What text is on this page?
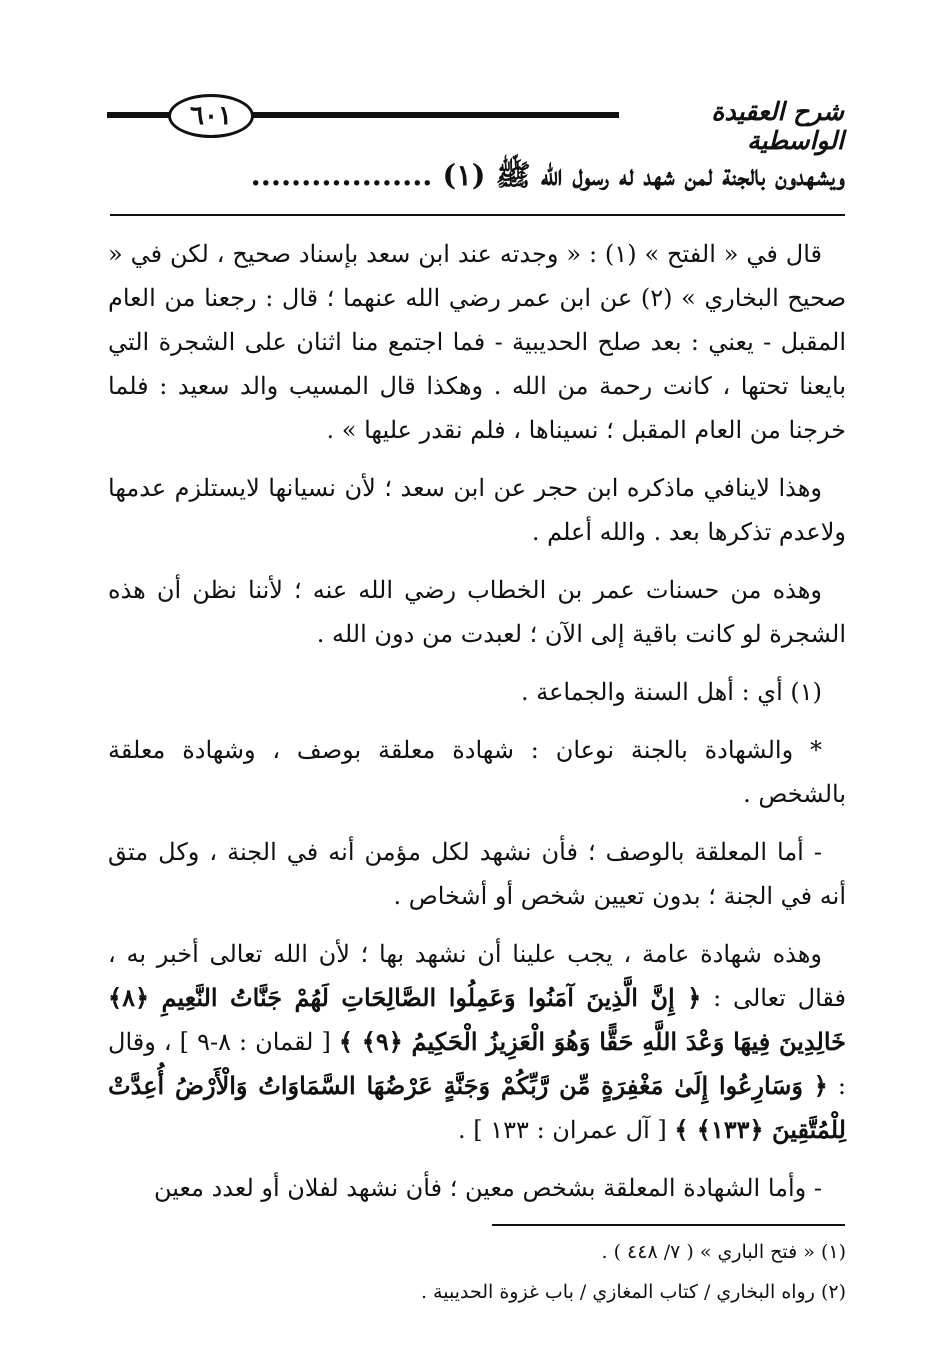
٦٠١	شرح العقيدة الواسطية
ويشهدون بالجنة لمن شهد له رسول الله ﷺ (١) ..................

قال في « الفتح » (١) : « وجدته عند ابن سعد بإسناد صحيح ، لكن في « صحيح البخاري » (٢) عن ابن عمر رضي الله عنهما ؛ قال : رجعنا من العام المقبل - يعني : بعد صلح الحديبية - فما اجتمع منا اثنان على الشجرة التي بايعنا تحتها ، كانت رحمة من الله . وهكذا قال المسيب والد سعيد : فلما خرجنا من العام المقبل ؛ نسيناها ، فلم نقدر عليها » .

وهذا لاينافي ماذكره ابن حجر عن ابن سعد ؛ لأن نسيانها لايستلزم عدمها ولاعدم تذكرها بعد . والله أعلم .

وهذه من حسنات عمر بن الخطاب رضي الله عنه ؛ لأننا نظن أن هذه الشجرة لو كانت باقية إلى الآن ؛ لعبدت من دون الله .

(١) أي : أهل السنة والجماعة .

* والشهادة بالجنة نوعان : شهادة معلقة بوصف ، وشهادة معلقة بالشخص .

- أما المعلقة بالوصف ؛ فأن نشهد لكل مؤمن أنه في الجنة ، وكل متق أنه في الجنة ؛ بدون تعيين شخص أو أشخاص .

وهذه شهادة عامة ، يجب علينا أن نشهد بها ؛ لأن الله تعالى أخبر به ، فقال تعالى : ﴿ إِنَّ الَّذِينَ آمَنُوا وَعَمِلُوا الصَّالِحَاتِ لَهُمْ جَنَّاتُ النَّعِيمِ ﴿٨﴾ خَالِدِينَ فِيهَا وَعْدَ اللَّهِ حَقًّا وَهُوَ الْعَزِيزُ الْحَكِيمُ ﴿٩﴾ ﴾ [ لقمان : ٨-٩ ] ، وقال : ﴿ وَسَارِعُوا إِلَىٰ مَغْفِرَةٍ مِّن رَّبِّكُمْ وَجَنَّةٍ عَرْضُهَا السَّمَاوَاتُ وَالْأَرْضُ أُعِدَّتْ لِلْمُتَّقِينَ ﴿١٣٣﴾ ﴾ [ آل عمران : ١٣٣ ] .

- وأما الشهادة المعلقة بشخص معين ؛ فأن نشهد لفلان أو لعدد معين

(١) « فتح الباري » ( ٧/ ٤٤٨ ) .
(٢) رواه البخاري / كتاب المغازي / باب غزوة الحديبية .
